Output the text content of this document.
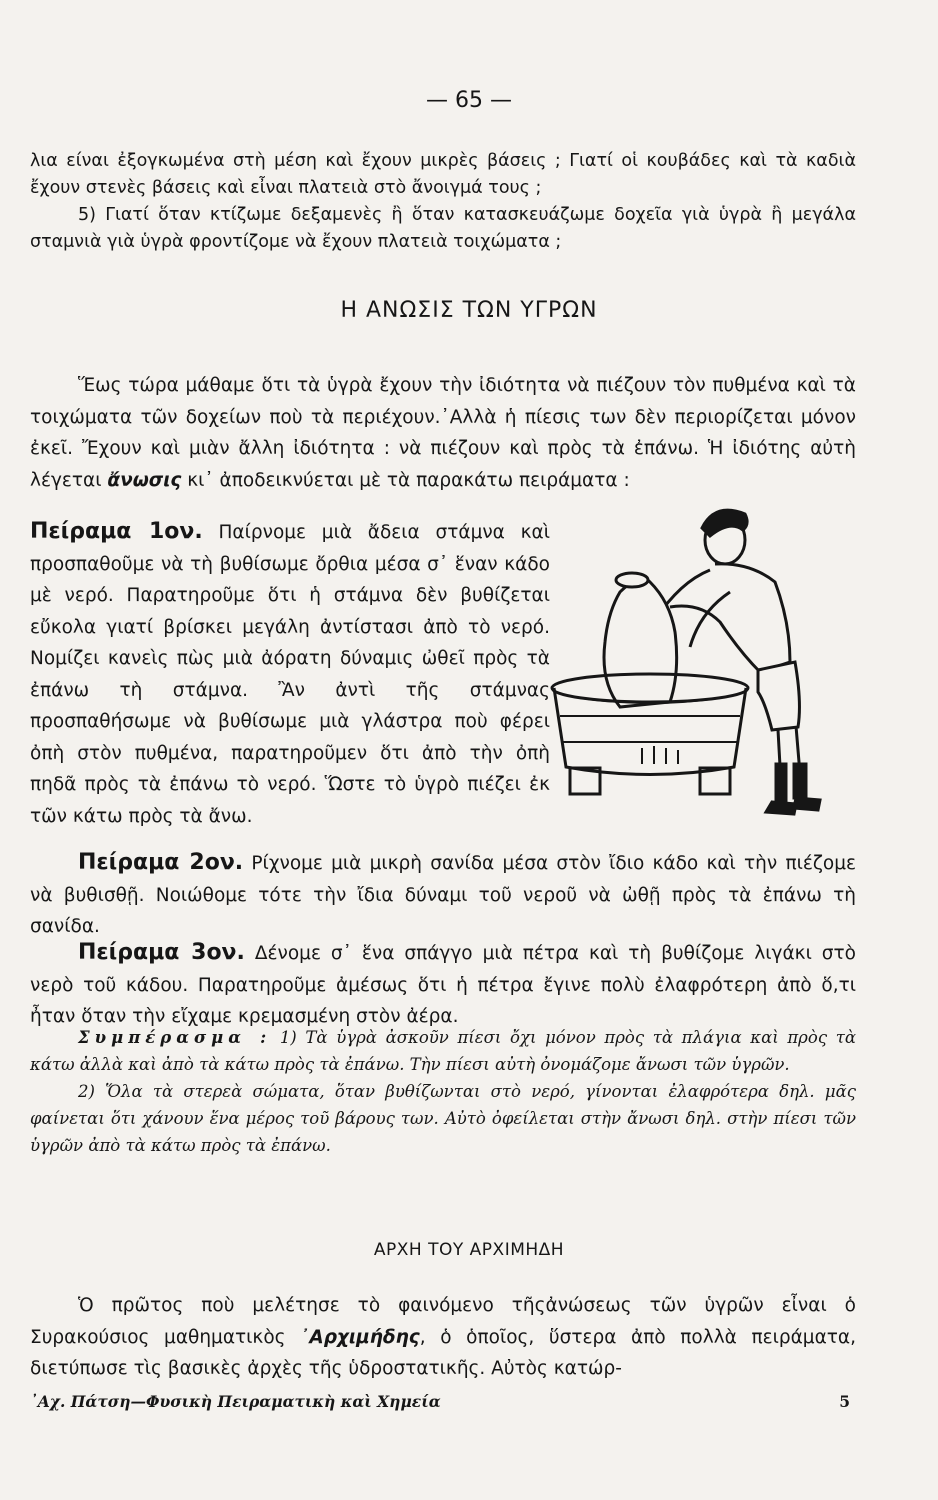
— 65 —
λια είναι ἐξογκωμένα στὴ μέση καὶ ἔχουν μικρὲς βάσεις ; Γιατί οἱ κουβάδες καὶ τὰ καδιὰ ἔχουν στενὲς βάσεις καὶ εἶναι πλατειὰ στὸ ἄνοιγμά τους ;
5) Γιατί ὅταν κτίζωμε δεξαμενὲς ἢ ὅταν κατασκευάζωμε δοχεῖα γιὰ ὑγρὰ ἢ μεγάλα σταμνιὰ γιὰ ὑγρὰ φροντίζομε νὰ ἔχουν πλατειὰ τοιχώματα ;
Η ΑΝΩΣΙΣ ΤΩΝ ΥΓΡΩΝ
Ἕως τώρα μάθαμε ὅτι τὰ ὑγρὰ ἔχουν τὴν ἰδιότητα νὰ πιέζουν τὸν πυθμένα καὶ τὰ τοιχώματα τῶν δοχείων ποὺ τὰ περιέχουν.᾿Αλλὰ ἡ πίεσις των δὲν περιορίζεται μόνον ἐκεῖ. Ἔχουν καὶ μιὰν ἄλλη ἰδιότητα : νὰ πιέζουν καὶ πρὸς τὰ ἐπάνω. Ἡ ἰδιότης αὐτὴ λέγεται ἄνωσις κι᾿ ἀποδεικνύεται μὲ τὰ παρακάτω πειράματα :
Πείραμα 1ον. Παίρνομε μιὰ ἄδεια στάμνα καὶ προσπαθοῦμε νὰ τὴ βυθίσωμε ὄρθια μέσα σ᾿ ἕναν κάδο μὲ νερό. Παρατηροῦμε ὅτι ἡ στάμνα δὲν βυθίζεται εὔκολα γιατί βρίσκει μεγάλη ἀντίστασι ἀπὸ τὸ νερό. Νομίζει κανεὶς πὼς μιὰ ἀόρατη δύναμις ὠθεῖ πρὸς τὰ ἐπάνω τὴ στάμνα. Ἂν ἀντὶ τῆς στάμνας προσπαθήσωμε νὰ βυθίσωμε μιὰ γλάστρα ποὺ φέρει ὀπὴ στὸν πυθμένα, παρατηροῦμεν ὅτι ἀπὸ τὴν ὀπὴ πηδᾶ πρὸς τὰ ἐπάνω τὸ νερό. Ὥστε τὸ ὑγρὸ πιέζει ἐκ τῶν κάτω πρὸς τὰ ἄνω.
Πείραμα 2ον. Ρίχνομε μιὰ μικρὴ σανίδα μέσα στὸν ἴδιο κάδο καὶ τὴν πιέζομε νὰ βυθισθῇ. Νοιώθομε τότε τὴν ἴδια δύναμι τοῦ νεροῦ νὰ ὠθῇ πρὸς τὰ ἐπάνω τὴ σανίδα.
Πείραμα 3ον. Δένομε σ᾿ ἕνα σπάγγο μιὰ πέτρα καὶ τὴ βυθίζομε λιγάκι στὸ νερὸ τοῦ κάδου. Παρατηροῦμε ἀμέσως ὅτι ἡ πέτρα ἔγινε πολὺ ἐλαφρότερη ἀπὸ ὅ,τι ἦταν ὅταν τὴν εἴχαμε κρεμασμένη στὸν ἀέρα.
Συμπέρασμα : 1) Τὰ ὑγρὰ ἀσκοῦν πίεσι ὄχι μόνον πρὸς τὰ πλάγια καὶ πρὸς τὰ κάτω ἀλλὰ καὶ ἀπὸ τὰ κάτω πρὸς τὰ ἐπάνω. Τὴν πίεσι αὐτὴ ὀνομάζομε ἄνωσι τῶν ὑγρῶν.
2) Ὅλα τὰ στερεὰ σώματα, ὅταν βυθίζωνται στὸ νερό, γίνονται ἐλαφρότερα δηλ. μᾶς φαίνεται ὅτι χάνουν ἕνα μέρος τοῦ βάρους των. Αὐτὸ ὀφείλεται στὴν ἄνωσι δηλ. στὴν πίεσι τῶν ὑγρῶν ἀπὸ τὰ κάτω πρὸς τὰ ἐπάνω.
ΑΡΧΗ ΤΟΥ ΑΡΧΙΜΗΔΗ
Ὁ πρῶτος ποὺ μελέτησε τὸ φαινόμενο τῆςἀνώσεως τῶν ὑγρῶν εἶναι ὁ Συρακούσιος μαθηματικὸς ᾿Αρχιμήδης, ὁ ὁποῖος, ὕστερα ἀπὸ πολλὰ πειράματα, διετύπωσε τὶς βασικὲς ἀρχὲς τῆς ὑδροστατικῆς. Αὐτὸς κατώρ-
᾿Αχ. Πάτση—Φυσικὴ Πειραματικὴ καὶ Χημεία	5
